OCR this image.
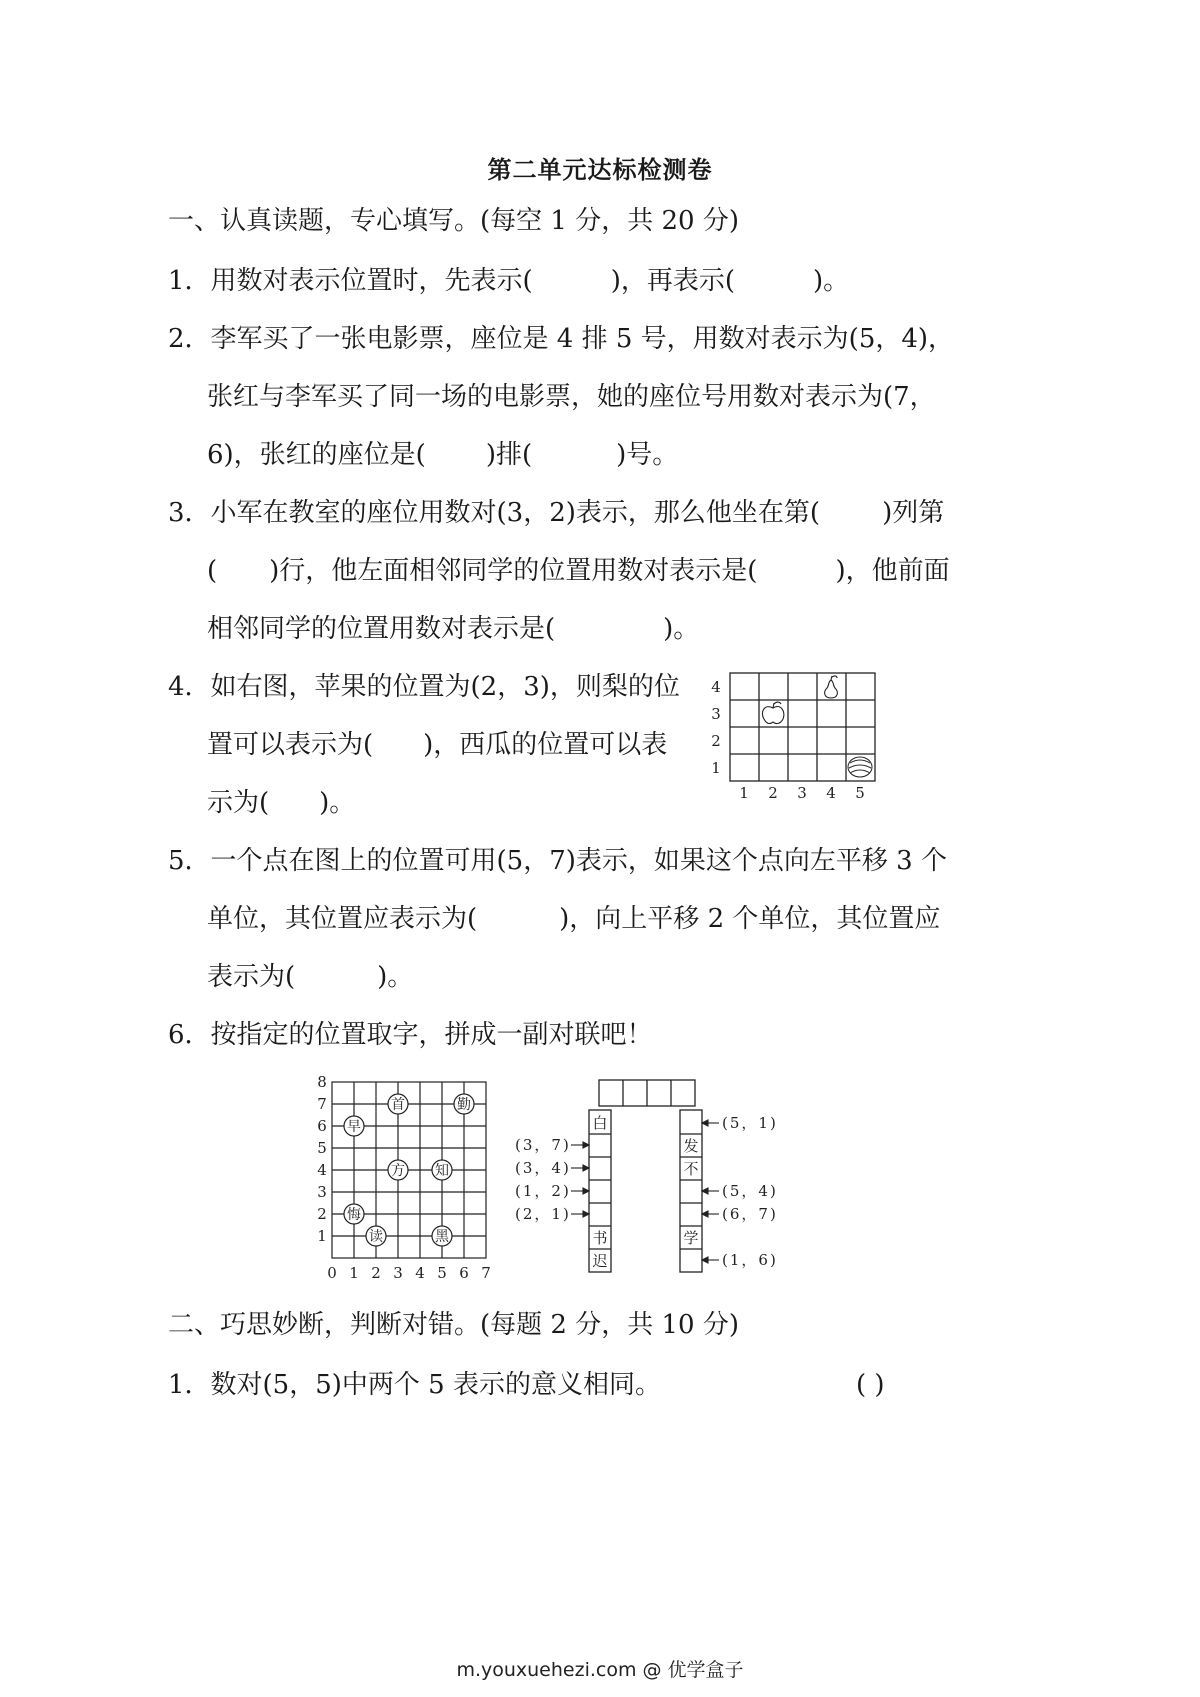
第二单元达标检测卷
一、认真读题，专心填写。(每空 1 分，共 20 分)
1．用数对表示位置时，先表示(	)，再表示(	)。
2．李军买了一张电影票，座位是 4 排 5 号，用数对表示为(5，4)，
张红与李军买了同一场的电影票，她的座位号用数对表示为(7，
6)，张红的座位是( )排(	)号。
3．小军在教室的座位用数对(3，2)表示，那么他坐在第( )列第
( )行，他左面相邻同学的位置用数对表示是(	)，他前面
相邻同学的位置用数对表示是(	)。
4．如右图，苹果的位置为(2，3)，则梨的位
置可以表示为( )，西瓜的位置可以表
示为( )。	1 2 3 4 5
1
2
3
4
5．一个点在图上的位置可用(5，7)表示，如果这个点向左平移 3 个
单位，其位置应表示为(	)，向上平移 2 个单位，其位置应
表示为(	)。
6．按指定的位置取字，拼成一副对联吧！
0 1 2 3 4 5 6 7
1
2
3
4
5
6
7
8
首	勤
早
方 知
悔
读	黑
白
书
迟
发
不
学
(3，7)
(3，4)
(1，2)
(2，1)
(5，1)
(5，4)
(6，7)
(1，6)
二、巧思妙断，判断对错。(每题 2 分，共 10 分)
1．数对(5，5)中两个 5 表示的意义相同。	( )
m.youxuehezi.com @ 优学盒子
